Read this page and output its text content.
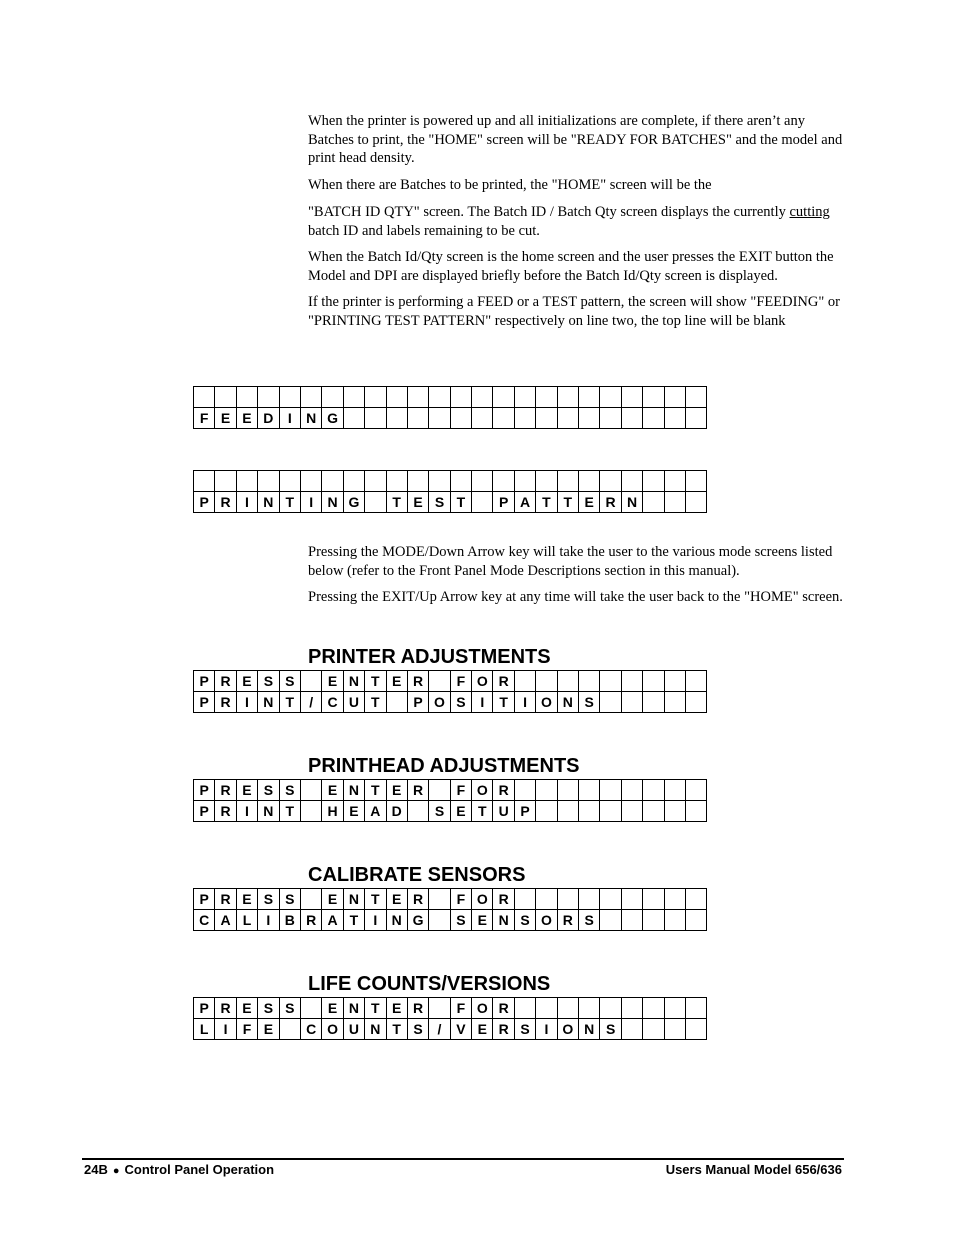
When the printer is powered up and all initializations are complete, if there aren’t any Batches to print, the "HOME" screen will be "READY FOR BATCHES" and the model and print head density.

When there are Batches to be printed, the "HOME" screen will be the

"BATCH ID QTY" screen. The Batch ID / Batch Qty screen displays the currently cutting batch ID and labels remaining to be cut.

When the Batch Id/Qty screen is the home screen and the user presses the EXIT button the Model and DPI are displayed briefly before the Batch Id/Qty screen is displayed.

If the printer is performing a FEED or a TEST pattern, the screen will show "FEEDING" or "PRINTING TEST PATTERN" respectively on line two, the top line will be blank

F	E	E	D	I	N	G																	

P	R	I	N	T	I	N	G		T	E	S	T		P	A	T	T	E	R	N			

Pressing the MODE/Down Arrow key will take the user to the various mode screens listed below (refer to the Front Panel Mode Descriptions section in this manual).

Pressing the EXIT/Up Arrow key at any time will take the user back to the "HOME" screen.

PRINTER ADJUSTMENTS
P	R	E	S	S		E	N	T	E	R		F	O	R									
P	R	I	N	T	/	C	U	T		P	O	S	I	T	I	O	N	S					
PRINTHEAD ADJUSTMENTS
P	R	E	S	S		E	N	T	E	R		F	O	R									
P	R	I	N	T		H	E	A	D		S	E	T	U	P								
CALIBRATE SENSORS
P	R	E	S	S		E	N	T	E	R		F	O	R									
C	A	L	I	B	R	A	T	I	N	G		S	E	N	S	O	R	S					
LIFE COUNTS/VERSIONS
P	R	E	S	S		E	N	T	E	R		F	O	R									
L	I	F	E		C	O	U	N	T	S	/	V	E	R	S	I	O	N	S				
24B ● Control Panel Operation	Users Manual Model 656/636
